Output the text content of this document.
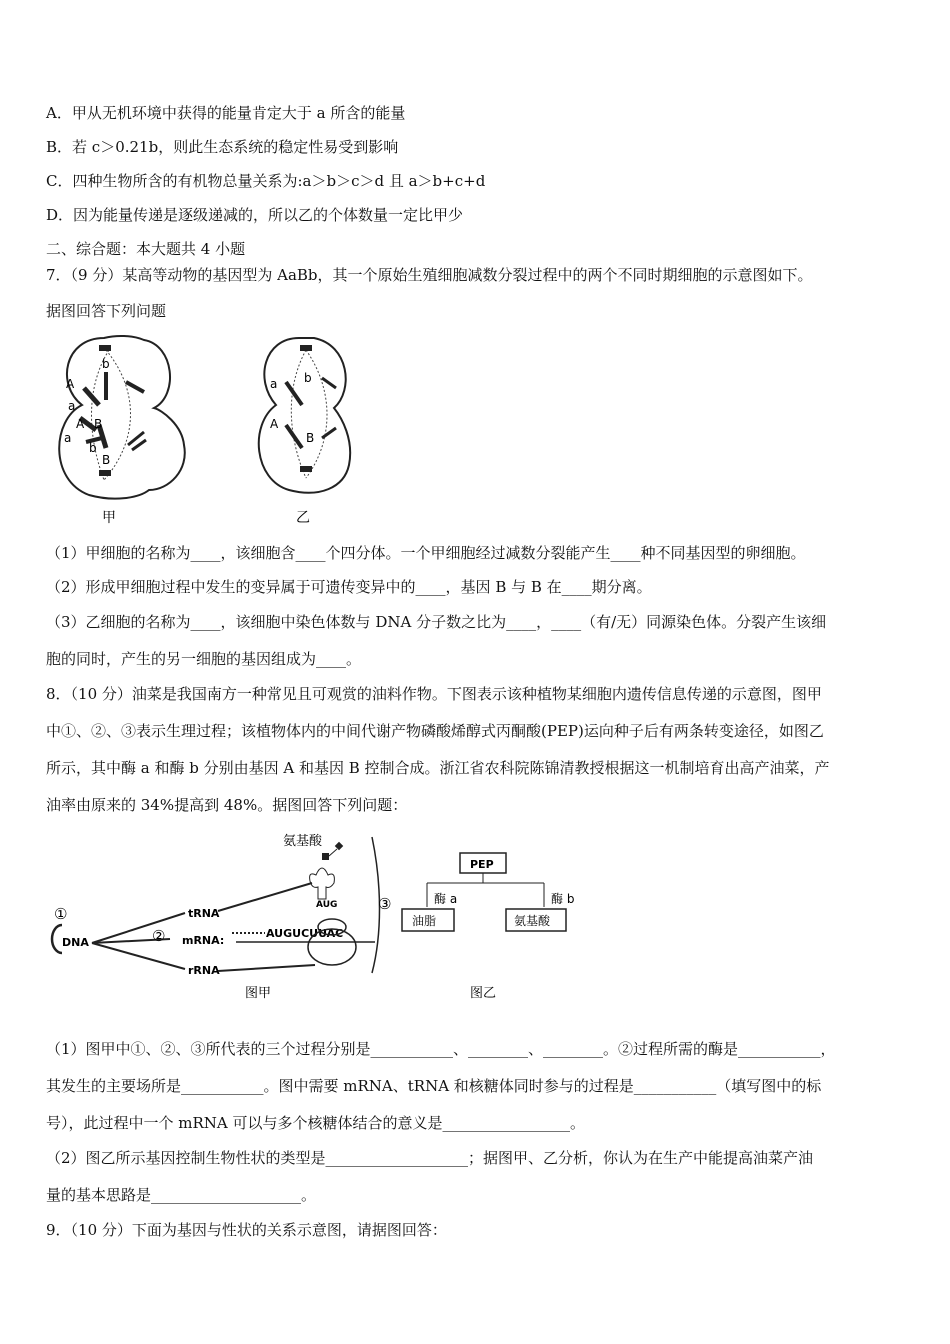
A．甲从无机环境中获得的能量肯定大于 a 所含的能量
B．若 c＞0.21b，则此生态系统的稳定性易受到影响
C．四种生物所含的有机物总量关系为:a＞b＞c＞d 且 a＞b+c+d
D．因为能量传递是逐级递减的，所以乙的个体数量一定比甲少
二、综合题：本大题共 4 小题
7．（9 分）某高等动物的基因型为 AaBb，其一个原始生殖细胞减数分裂过程中的两个不同时期细胞的示意图如下。
据图回答下列问题
A
a
b
A B
a
b
B
甲
a b
A
B
乙
（1）甲细胞的名称为____，该细胞含____个四分体。一个甲细胞经过减数分裂能产生____种不同基因型的卵细胞。
（2）形成甲细胞过程中发生的变异属于可遗传变异中的____，基因 B 与 B 在____期分离。
（3）乙细胞的名称为____，该细胞中染色体数与 DNA 分子数之比为____，____（有/无）同源染色体。分裂产生该细
胞的同时，产生的另一细胞的基因组成为____。
8．（10 分）油菜是我国南方一种常见且可观赏的油料作物。下图表示该种植物某细胞内遗传信息传递的示意图，图甲
中①、②、③表示生理过程；该植物体内的中间代谢产物磷酸烯醇式丙酮酸(PEP)运向种子后有两条转变途径，如图乙
所示，其中酶 a 和酶 b 分别由基因 A 和基因 B 控制合成。浙江省农科院陈锦清教授根据这一机制培育出高产油菜，产
油率由原来的 34%提高到 48%。据图回答下列问题：
氨基酸
AUG
①
DNA	②
tRNA
mRNA:
rRNA
AUGUCUUAC
③
图甲
PEP
酶 a	酶 b
油脂	氨基酸
图乙
（1）图甲中①、②、③所代表的三个过程分别是___________、________、________。②过程所需的酶是___________，
其发生的主要场所是___________。图中需要 mRNA、tRNA 和核糖体同时参与的过程是___________（填写图中的标
号），此过程中一个 mRNA 可以与多个核糖体结合的意义是_________________。
（2）图乙所示基因控制生物性状的类型是___________________；据图甲、乙分析，你认为在生产中能提高油菜产油
量的基本思路是____________________。
9．（10 分）下面为基因与性状的关系示意图，请据图回答：
